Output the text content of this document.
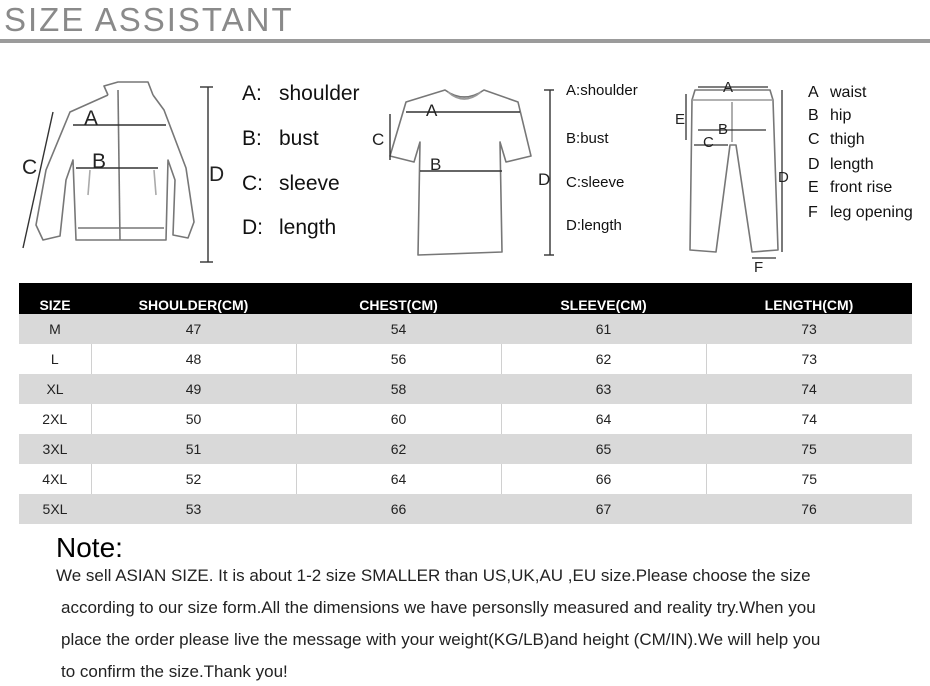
SIZE ASSISTANT
A
B
C	D
A: shoulder
B: bust
C: sleeve
D: length
A
B
C
D
A:shoulder
B:bust
C:sleeve
D:length
A
B
C
D
E
F
A waist
B hip
C thigh
D length
E front rise
F leg opening
SIZE	SHOULDER(CM)	CHEST(CM)	SLEEVE(CM)	LENGTH(CM)
M	47	54	61	73
L	48	56	62	73
XL	49	58	63	74
2XL	50	60	64	74
3XL	51	62	65	75
4XL	52	64	66	75
5XL	53	66	67	76
Note:

We sell ASIAN SIZE. It is about 1-2 size SMALLER than US,UK,AU ,EU size.Please choose the size

according to our size form.All the dimensions we have personslly measured and reality try.When you

place the order please live the message with your weight(KG/LB)and height (CM/IN).We will help you

to confirm the size.Thank you!
